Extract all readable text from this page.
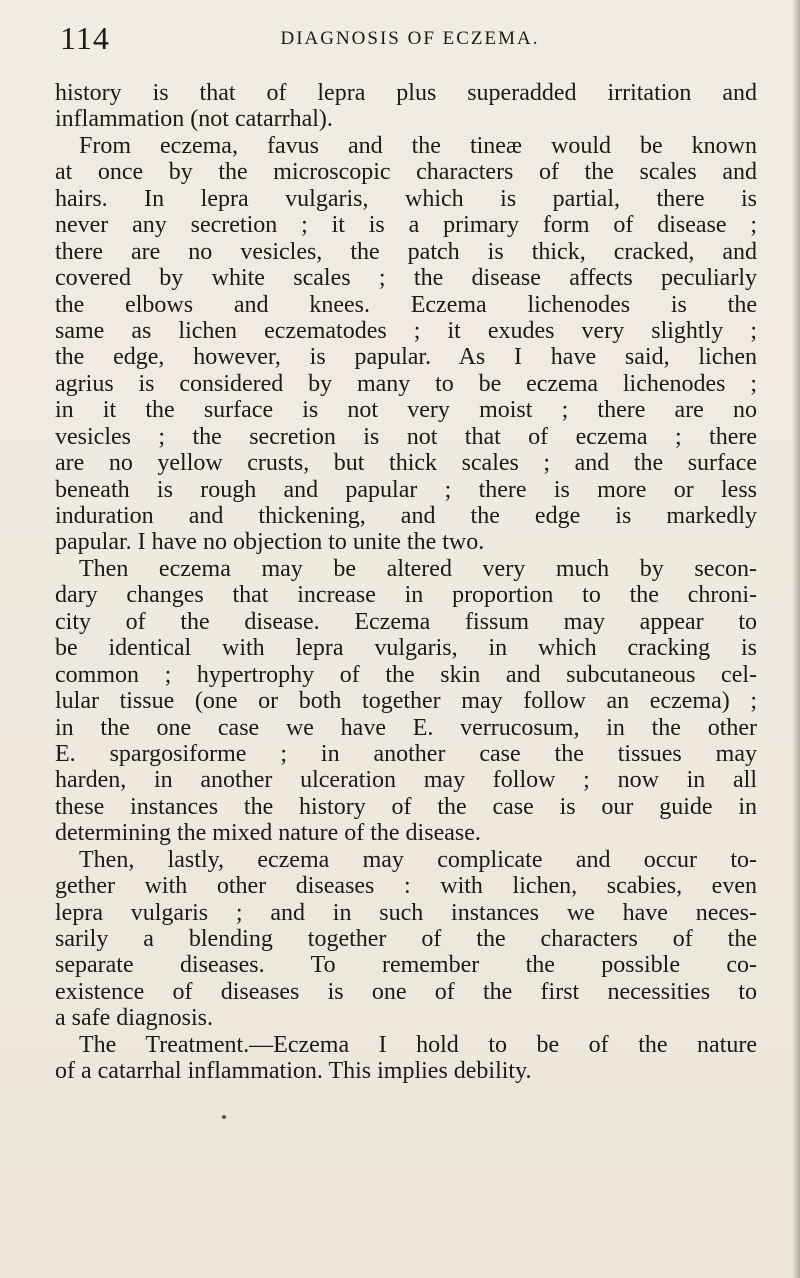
114	DIAGNOSIS OF ECZEMA.
history is that of lepra plus superadded irritation and
inflammation (not catarrhal).
From eczema, favus and the tineæ would be known
at once by the microscopic characters of the scales and
hairs. In lepra vulgaris, which is partial, there is
never any secretion ; it is a primary form of disease ;
there are no vesicles, the patch is thick, cracked, and
covered by white scales ; the disease affects peculiarly
the elbows and knees. Eczema lichenodes is the
same as lichen eczematodes ; it exudes very slightly ;
the edge, however, is papular. As I have said, lichen
agrius is considered by many to be eczema lichenodes ;
in it the surface is not very moist ; there are no
vesicles ; the secretion is not that of eczema ; there
are no yellow crusts, but thick scales ; and the surface
beneath is rough and papular ; there is more or less
induration and thickening, and the edge is markedly
papular. I have no objection to unite the two.
Then eczema may be altered very much by secon-
dary changes that increase in proportion to the chroni-
city of the disease. Eczema fissum may appear to
be identical with lepra vulgaris, in which cracking is
common ; hypertrophy of the skin and subcutaneous cel-
lular tissue (one or both together may follow an eczema) ;
in the one case we have E. verrucosum, in the other
E. spargosiforme ; in another case the tissues may
harden, in another ulceration may follow ; now in all
these instances the history of the case is our guide in
determining the mixed nature of the disease.
Then, lastly, eczema may complicate and occur to-
gether with other diseases : with lichen, scabies, even
lepra vulgaris ; and in such instances we have neces-
sarily a blending together of the characters of the
separate diseases. To remember the possible co-
existence of diseases is one of the first necessities to
a safe diagnosis.
The Treatment.—Eczema I hold to be of the nature
of a catarrhal inflammation. This implies debility.
